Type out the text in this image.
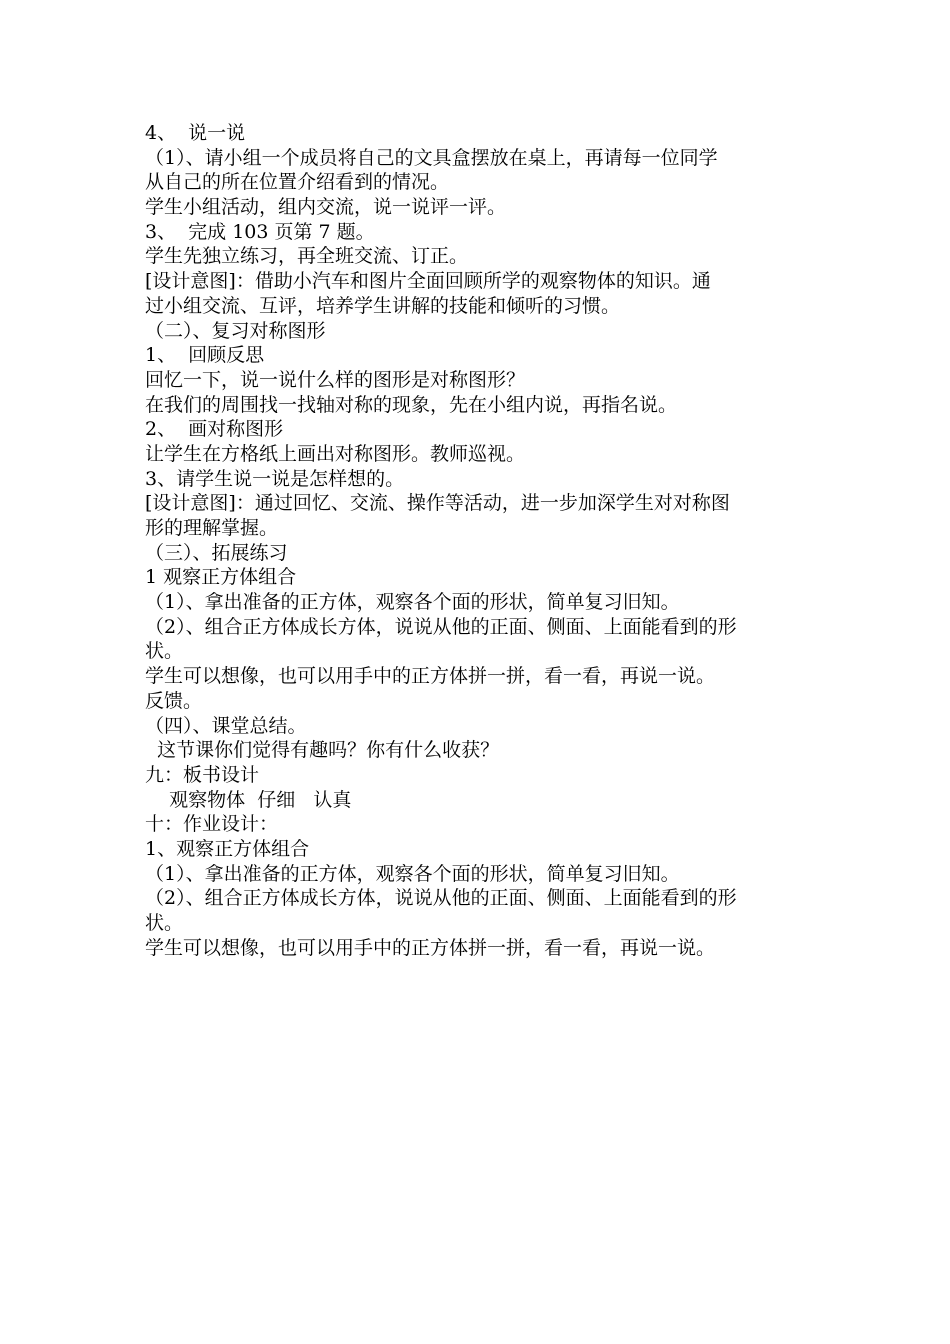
4、  说一说

（1）、请小组一个成员将自己的文具盒摆放在桌上，再请每一位同学

从自己的所在位置介绍看到的情况。

学生小组活动，组内交流，说一说评一评。

3、  完成 103 页第 7 题。

学生先独立练习，再全班交流、订正。

[设计意图]：借助小汽车和图片全面回顾所学的观察物体的知识。通

过小组交流、互评，培养学生讲解的技能和倾听的习惯。

（二）、复习对称图形

1、  回顾反思

回忆一下，说一说什么样的图形是对称图形？

在我们的周围找一找轴对称的现象，先在小组内说，再指名说。

2、  画对称图形

让学生在方格纸上画出对称图形。教师巡视。

3、请学生说一说是怎样想的。

[设计意图]：通过回忆、交流、操作等活动，进一步加深学生对对称图

形的理解掌握。

（三）、拓展练习

1 观察正方体组合

（1）、拿出准备的正方体，观察各个面的形状，简单复习旧知。

（2）、组合正方体成长方体，说说从他的正面、侧面、上面能看到的形

状。

学生可以想像，也可以用手中的正方体拼一拼，看一看，再说一说。

反馈。

（四）、课堂总结。

这节课你们觉得有趣吗？你有什么收获？

九：板书设计

观察物体  仔细   认真

十：作业设计：

1、观察正方体组合

（1）、拿出准备的正方体，观察各个面的形状，简单复习旧知。

（2）、组合正方体成长方体，说说从他的正面、侧面、上面能看到的形

状。

学生可以想像，也可以用手中的正方体拼一拼，看一看，再说一说。
